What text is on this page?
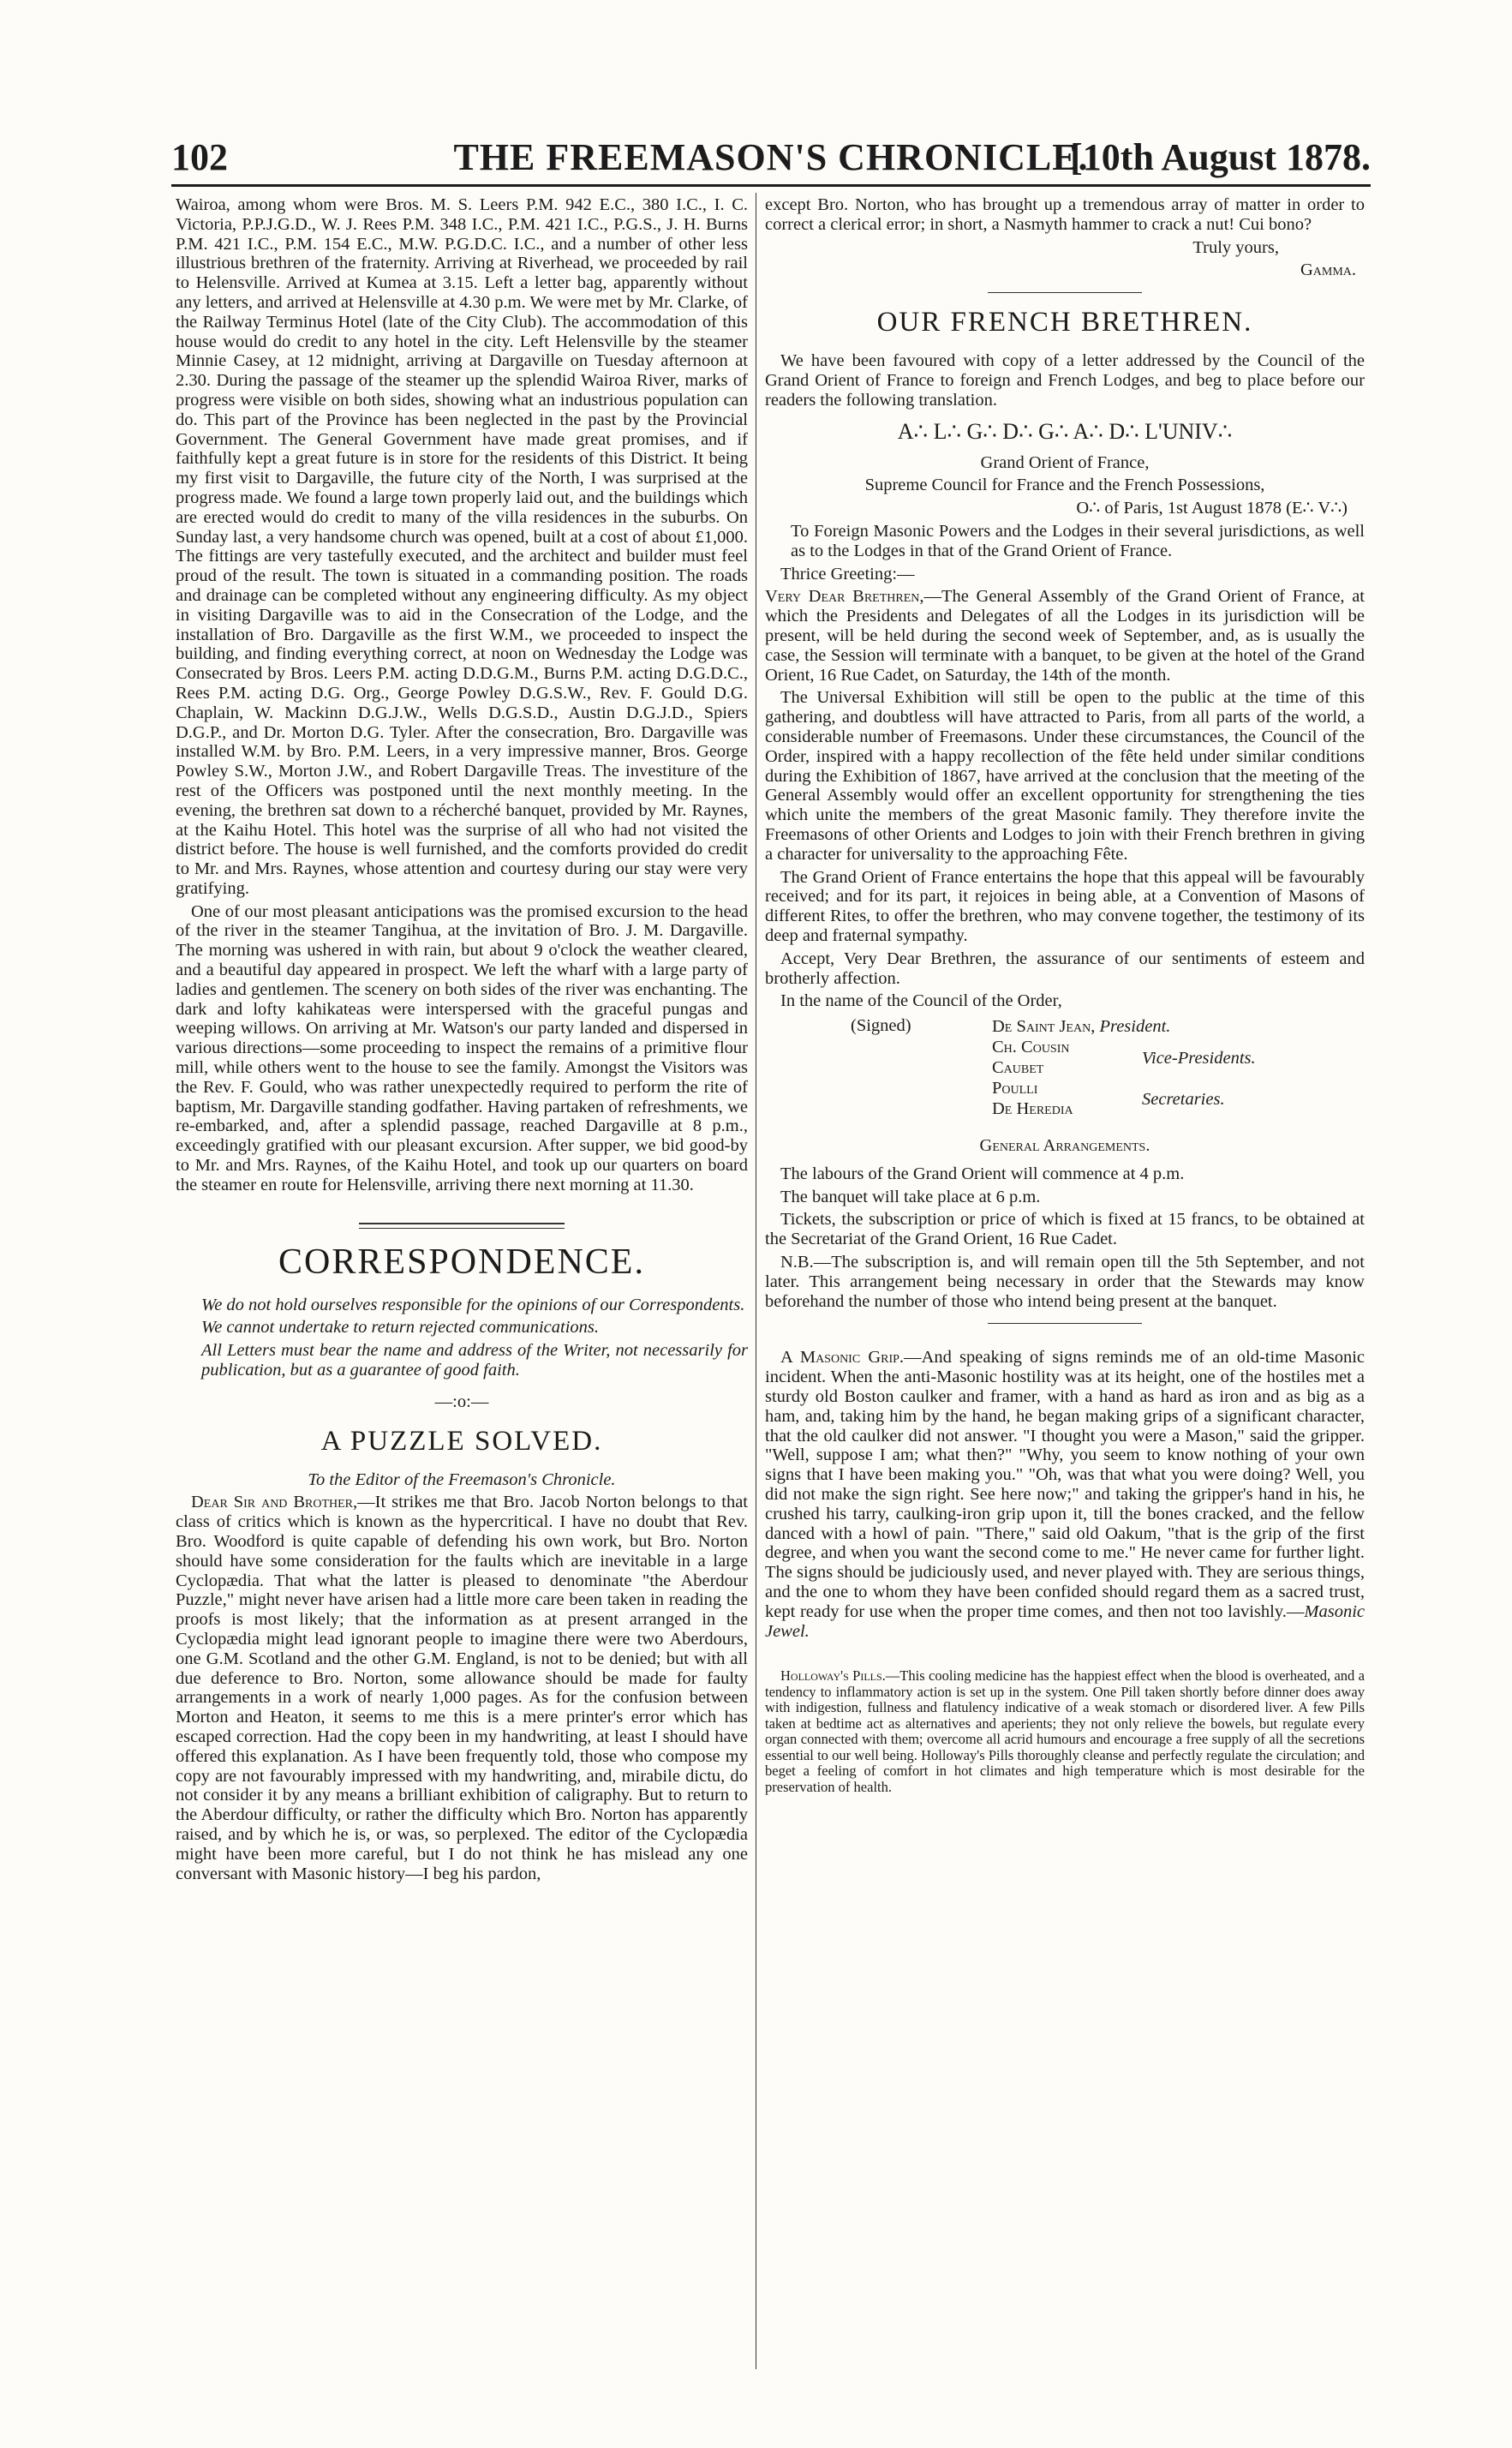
102	THE FREEMASON'S CHRONICLE.
[10th August 1878.

Wairoa, among whom were Bros. M. S. Leers P.M. 942 E.C., 380 I.C., I. C. Victoria, P.P.J.G.D., W. J. Rees P.M. 348 I.C., P.M. 421 I.C., P.G.S., J. H. Burns P.M. 421 I.C., P.M. 154 E.C., M.W. P.G.D.C. I.C., and a number of other less illustrious brethren of the fraternity. Arriving at Riverhead, we proceeded by rail to Helensville. Arrived at Kumea at 3.15. Left a letter bag, apparently without any letters, and arrived at Helensville at 4.30 p.m. We were met by Mr. Clarke, of the Railway Terminus Hotel (late of the City Club). The accommodation of this house would do credit to any hotel in the city. Left Helensville by the steamer Minnie Casey, at 12 midnight, arriving at Dargaville on Tuesday afternoon at 2.30. During the passage of the steamer up the splendid Wairoa River, marks of progress were visible on both sides, showing what an industrious population can do. This part of the Province has been neglected in the past by the Provincial Government. The General Government have made great promises, and if faithfully kept a great future is in store for the residents of this District. It being my first visit to Dargaville, the future city of the North, I was surprised at the progress made. We found a large town properly laid out, and the buildings which are erected would do credit to many of the villa residences in the suburbs. On Sunday last, a very handsome church was opened, built at a cost of about £1,000. The fittings are very tastefully executed, and the architect and builder must feel proud of the result. The town is situated in a commanding position. The roads and drainage can be completed without any engineering difficulty. As my object in visiting Dargaville was to aid in the Consecration of the Lodge, and the installation of Bro. Dargaville as the first W.M., we proceeded to inspect the building, and finding everything correct, at noon on Wednesday the Lodge was Consecrated by Bros. Leers P.M. acting D.D.G.M., Burns P.M. acting D.G.D.C., Rees P.M. acting D.G. Org., George Powley D.G.S.W., Rev. F. Gould D.G. Chaplain, W. Mackinn D.G.J.W., Wells D.G.S.D., Austin D.G.J.D., Spiers D.G.P., and Dr. Morton D.G. Tyler. After the consecration, Bro. Dargaville was installed W.M. by Bro. P.M. Leers, in a very impressive manner, Bros. George Powley S.W., Morton J.W., and Robert Dargaville Treas. The investiture of the rest of the Officers was postponed until the next monthly meeting. In the evening, the brethren sat down to a récherché banquet, provided by Mr. Raynes, at the Kaihu Hotel. This hotel was the surprise of all who had not visited the district before. The house is well furnished, and the comforts provided do credit to Mr. and Mrs. Raynes, whose attention and courtesy during our stay were very gratifying.

One of our most pleasant anticipations was the promised excursion to the head of the river in the steamer Tangihua, at the invitation of Bro. J. M. Dargaville. The morning was ushered in with rain, but about 9 o'clock the weather cleared, and a beautiful day appeared in prospect. We left the wharf with a large party of ladies and gentlemen. The scenery on both sides of the river was enchanting. The dark and lofty kahikateas were interspersed with the graceful pungas and weeping willows. On arriving at Mr. Watson's our party landed and dispersed in various directions—some proceeding to inspect the remains of a primitive flour mill, while others went to the house to see the family. Amongst the Visitors was the Rev. F. Gould, who was rather unexpectedly required to perform the rite of baptism, Mr. Dargaville standing godfather. Having partaken of refreshments, we re-embarked, and, after a splendid passage, reached Dargaville at 8 p.m., exceedingly gratified with our pleasant excursion. After supper, we bid good-by to Mr. and Mrs. Raynes, of the Kaihu Hotel, and took up our quarters on board the steamer en route for Helensville, arriving there next morning at 11.30.

CORRESPONDENCE.

We do not hold ourselves responsible for the opinions of our Correspondents.

We cannot undertake to return rejected communications.

All Letters must bear the name and address of the Writer, not necessarily for publication, but as a guarantee of good faith.

—:o:—

A PUZZLE SOLVED.

To the Editor of the Freemason's Chronicle.

Dear Sir and Brother,—It strikes me that Bro. Jacob Norton belongs to that class of critics which is known as the hypercritical. I have no doubt that Rev. Bro. Woodford is quite capable of defending his own work, but Bro. Norton should have some consideration for the faults which are inevitable in a large Cyclopædia. That what the latter is pleased to denominate "the Aberdour Puzzle," might never have arisen had a little more care been taken in reading the proofs is most likely; that the information as at present arranged in the Cyclopædia might lead ignorant people to imagine there were two Aberdours, one G.M. Scotland and the other G.M. England, is not to be denied; but with all due deference to Bro. Norton, some allowance should be made for faulty arrangements in a work of nearly 1,000 pages. As for the confusion between Morton and Heaton, it seems to me this is a mere printer's error which has escaped correction. Had the copy been in my handwriting, at least I should have offered this explanation. As I have been frequently told, those who compose my copy are not favourably impressed with my handwriting, and, mirabile dictu, do not consider it by any means a brilliant exhibition of caligraphy. But to return to the Aberdour difficulty, or rather the difficulty which Bro. Norton has apparently raised, and by which he is, or was, so perplexed. The editor of the Cyclopædia might have been more careful, but I do not think he has mislead any one conversant with Masonic history—I beg his pardon,

except Bro. Norton, who has brought up a tremendous array of matter in order to correct a clerical error; in short, a Nasmyth hammer to crack a nut! Cui bono?

Truly yours,

Gamma.

OUR FRENCH BRETHREN.

We have been favoured with copy of a letter addressed by the Council of the Grand Orient of France to foreign and French Lodges, and beg to place before our readers the following translation.

A∴ L∴ G∴ D∴ G∴ A∴ D∴ L'UNIV∴

Grand Orient of France,

Supreme Council for France and the French Possessions,

O∴ of Paris, 1st August 1878 (E∴ V∴)

To Foreign Masonic Powers and the Lodges in their several jurisdictions, as well as to the Lodges in that of the Grand Orient of France.

Thrice Greeting:—

Very Dear Brethren,—The General Assembly of the Grand Orient of France, at which the Presidents and Delegates of all the Lodges in its jurisdiction will be present, will be held during the second week of September, and, as is usually the case, the Session will terminate with a banquet, to be given at the hotel of the Grand Orient, 16 Rue Cadet, on Saturday, the 14th of the month.

The Universal Exhibition will still be open to the public at the time of this gathering, and doubtless will have attracted to Paris, from all parts of the world, a considerable number of Freemasons. Under these circumstances, the Council of the Order, inspired with a happy recollection of the fête held under similar conditions during the Exhibition of 1867, have arrived at the conclusion that the meeting of the General Assembly would offer an excellent opportunity for strengthening the ties which unite the members of the great Masonic family. They therefore invite the Freemasons of other Orients and Lodges to join with their French brethren in giving a character for universality to the approaching Fête.

The Grand Orient of France entertains the hope that this appeal will be favourably received; and for its part, it rejoices in being able, at a Convention of Masons of different Rites, to offer the brethren, who may convene together, the testimony of its deep and fraternal sympathy.

Accept, Very Dear Brethren, the assurance of our sentiments of esteem and brotherly affection.

In the name of the Council of the Order,

(Signed)	De Saint Jean, President.
Ch. Cousin
Caubet
Poulli
De Heredia
Vice-Presidents.
Secretaries.

General Arrangements.

The labours of the Grand Orient will commence at 4 p.m.

The banquet will take place at 6 p.m.

Tickets, the subscription or price of which is fixed at 15 francs, to be obtained at the Secretariat of the Grand Orient, 16 Rue Cadet.

N.B.—The subscription is, and will remain open till the 5th September, and not later. This arrangement being necessary in order that the Stewards may know beforehand the number of those who intend being present at the banquet.

A Masonic Grip.—And speaking of signs reminds me of an old-time Masonic incident. When the anti-Masonic hostility was at its height, one of the hostiles met a sturdy old Boston caulker and framer, with a hand as hard as iron and as big as a ham, and, taking him by the hand, he began making grips of a significant character, that the old caulker did not answer. "I thought you were a Mason," said the gripper. "Well, suppose I am; what then?" "Why, you seem to know nothing of your own signs that I have been making you." "Oh, was that what you were doing? Well, you did not make the sign right. See here now;" and taking the gripper's hand in his, he crushed his tarry, caulking-iron grip upon it, till the bones cracked, and the fellow danced with a howl of pain. "There," said old Oakum, "that is the grip of the first degree, and when you want the second come to me." He never came for further light. The signs should be judiciously used, and never played with. They are serious things, and the one to whom they have been confided should regard them as a sacred trust, kept ready for use when the proper time comes, and then not too lavishly.—Masonic Jewel.

Holloway's Pills.—This cooling medicine has the happiest effect when the blood is overheated, and a tendency to inflammatory action is set up in the system. One Pill taken shortly before dinner does away with indigestion, fullness and flatulency indicative of a weak stomach or disordered liver. A few Pills taken at bedtime act as alternatives and aperients; they not only relieve the bowels, but regulate every organ connected with them; overcome all acrid humours and encourage a free supply of all the secretions essential to our well being. Holloway's Pills thoroughly cleanse and perfectly regulate the circulation; and beget a feeling of comfort in hot climates and high temperature which is most desirable for the preservation of health.
